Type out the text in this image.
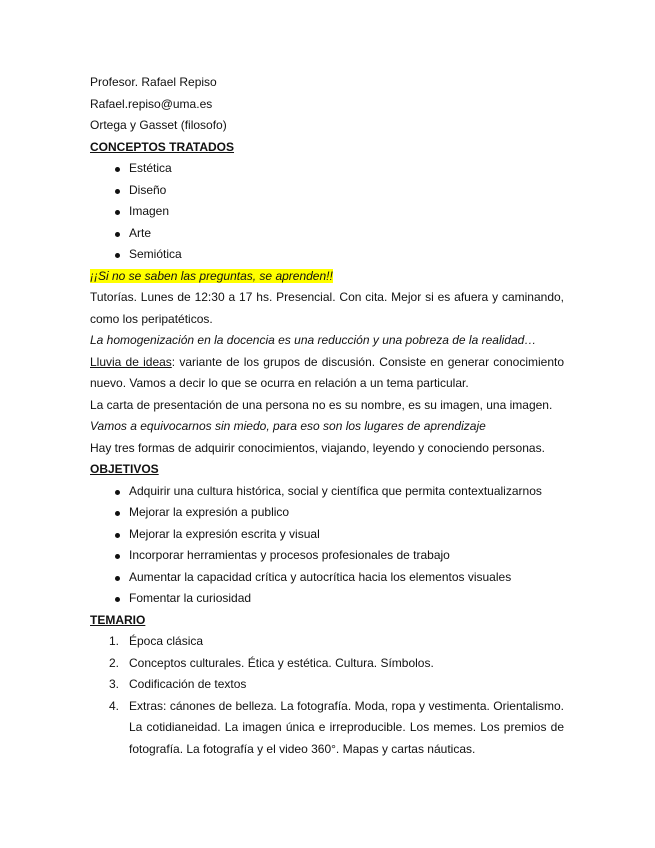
Profesor. Rafael Repiso

Rafael.repiso@uma.es

Ortega y Gasset (filosofo)

CONCEPTOS TRATADOS

Estética
Diseño
Imagen
Arte
Semiótica

¡¡Si no se saben las preguntas, se aprenden!!

Tutorías. Lunes de 12:30 a 17 hs. Presencial. Con cita. Mejor si es afuera y caminando, como los peripatéticos.

La homogenización en la docencia es una reducción y una pobreza de la realidad…

Lluvia de ideas: variante de los grupos de discusión. Consiste en generar conocimiento nuevo. Vamos a decir lo que se ocurra en relación a un tema particular.

La carta de presentación de una persona no es su nombre, es su imagen, una imagen.

Vamos a equivocarnos sin miedo, para eso son los lugares de aprendizaje

Hay tres formas de adquirir conocimientos, viajando, leyendo y conociendo personas.

OBJETIVOS

Adquirir una cultura histórica, social y científica que permita contextualizarnos
Mejorar la expresión a publico
Mejorar la expresión escrita y visual
Incorporar herramientas y procesos profesionales de trabajo
Aumentar la capacidad crítica y autocrítica hacia los elementos visuales
Fomentar la curiosidad

TEMARIO

1. Época clásica
2. Conceptos culturales. Ética y estética. Cultura. Símbolos.
3. Codificación de textos
4. Extras: cánones de belleza. La fotografía. Moda, ropa y vestimenta. Orientalismo. La cotidianeidad. La imagen única e irreproducible. Los memes. Los premios de fotografía. La fotografía y el video 360°. Mapas y cartas náuticas.
